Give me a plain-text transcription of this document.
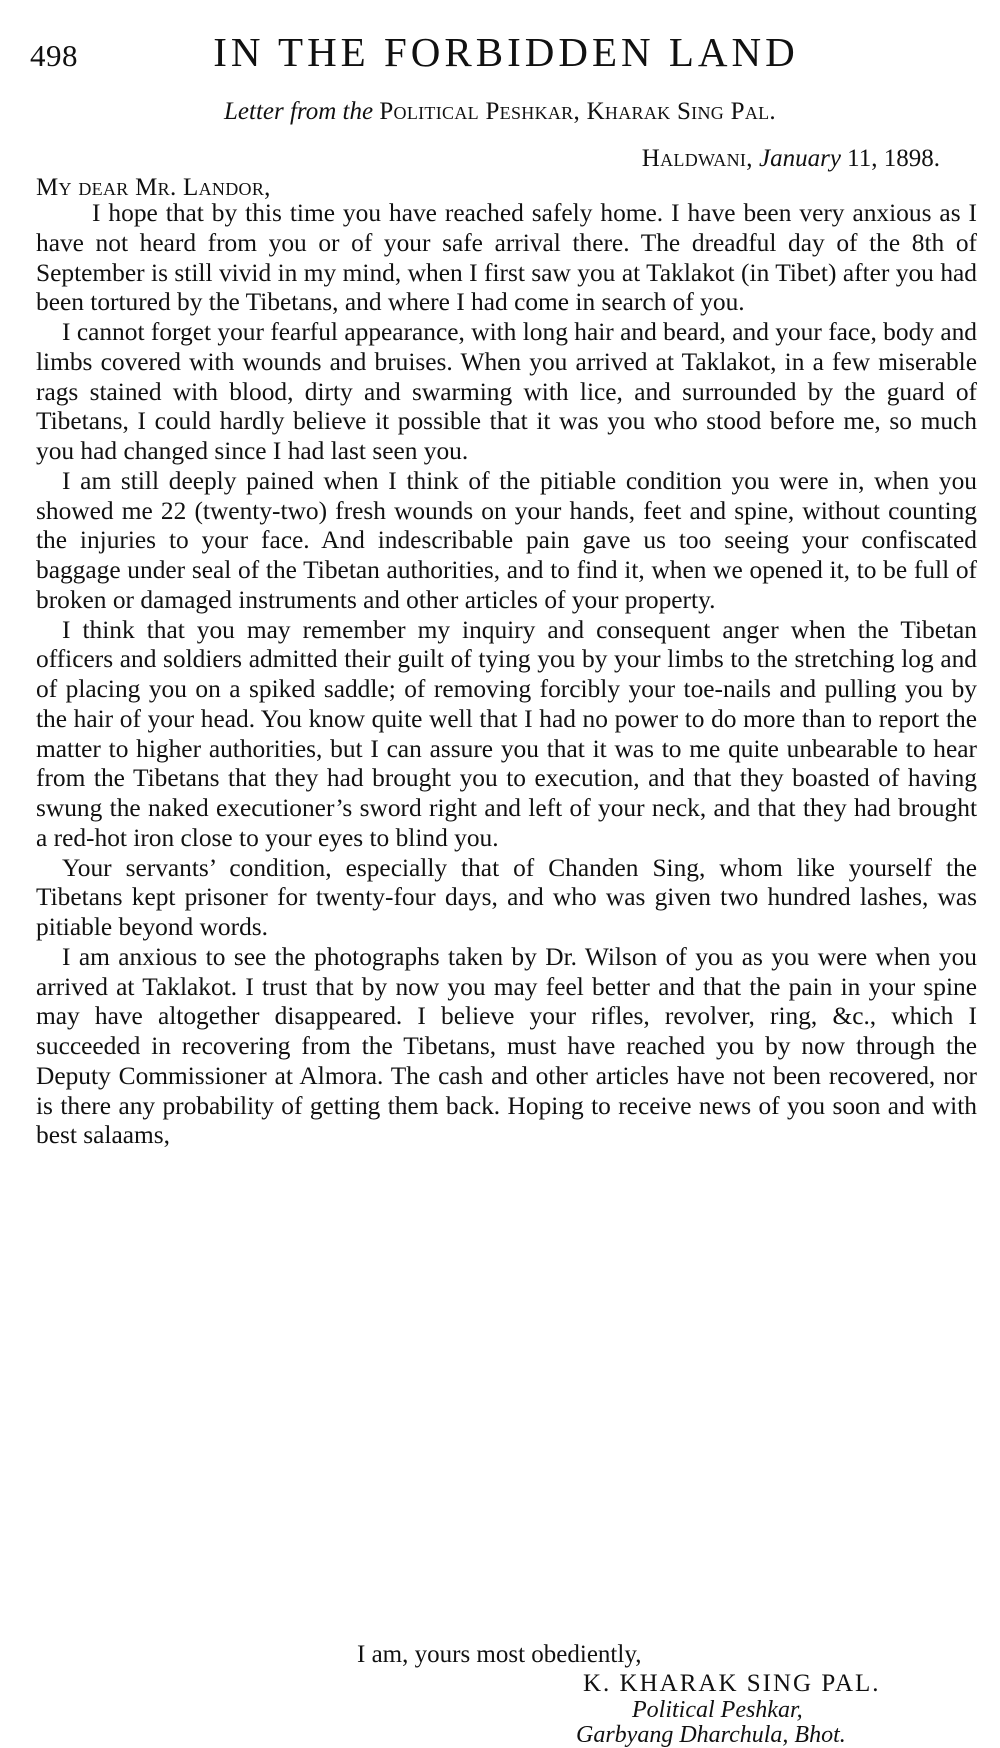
498	IN THE FORBIDDEN LAND
Letter from the Political Peshkar, Kharak Sing Pal.
Haldwani, January 11, 1898.
My dear Mr. Landor,

I hope that by this time you have reached safely home. I have been very anxious as I have not heard from you or of your safe arrival there. The dreadful day of the 8th of September is still vivid in my mind, when I first saw you at Taklakot (in Tibet) after you had been tortured by the Tibetans, and where I had come in search of you.

I cannot forget your fearful appearance, with long hair and beard, and your face, body and limbs covered with wounds and bruises. When you arrived at Taklakot, in a few miserable rags stained with blood, dirty and swarming with lice, and surrounded by the guard of Tibetans, I could hardly believe it possible that it was you who stood before me, so much you had changed since I had last seen you.

I am still deeply pained when I think of the pitiable condition you were in, when you showed me 22 (twenty-two) fresh wounds on your hands, feet and spine, without counting the injuries to your face. And indescribable pain gave us too seeing your confiscated baggage under seal of the Tibetan authorities, and to find it, when we opened it, to be full of broken or damaged instruments and other articles of your property.

I think that you may remember my inquiry and consequent anger when the Tibetan officers and soldiers admitted their guilt of tying you by your limbs to the stretching log and of placing you on a spiked saddle; of removing forcibly your toe-nails and pulling you by the hair of your head. You know quite well that I had no power to do more than to report the matter to higher authorities, but I can assure you that it was to me quite unbearable to hear from the Tibetans that they had brought you to execution, and that they boasted of having swung the naked executioner’s sword right and left of your neck, and that they had brought a red-hot iron close to your eyes to blind you.

Your servants’ condition, especially that of Chanden Sing, whom like yourself the Tibetans kept prisoner for twenty-four days, and who was given two hundred lashes, was pitiable beyond words.

I am anxious to see the photographs taken by Dr. Wilson of you as you were when you arrived at Taklakot. I trust that by now you may feel better and that the pain in your spine may have altogether disappeared. I believe your rifles, revolver, ring, &c., which I succeeded in recovering from the Tibetans, must have reached you by now through the Deputy Commissioner at Almora. The cash and other articles have not been recovered, nor is there any probability of getting them back. Hoping to receive news of you soon and with best salaams,

I am, yours most obediently,
K. KHARAK SING PAL.
Political Peshkar,
Garbyang Dharchula, Bhot.
